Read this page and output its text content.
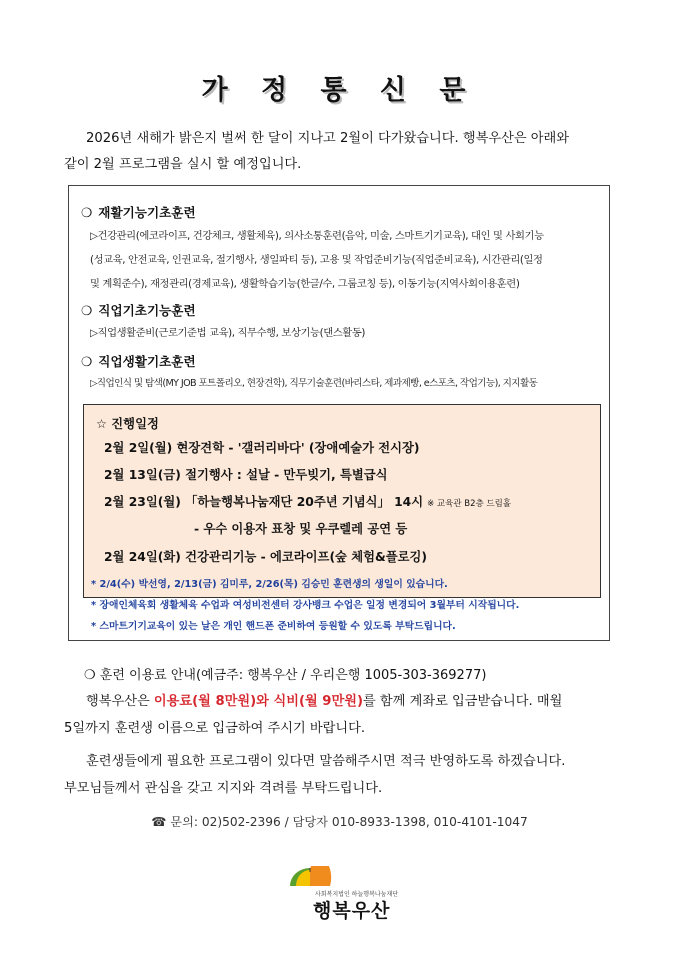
가 정 통 신 문
2026년 새해가 밝은지 벌써 한 달이 지나고 2월이 다가왔습니다. 행복우산은 아래와
같이 2월 프로그램을 실시 할 예정입니다.
❍ 재활기능기초훈련
▷건강관리(에코라이프, 건강체크, 생활체육), 의사소통훈련(음악, 미술, 스마트기기교육), 대인 및 사회기능
(성교육, 안전교육, 인권교육, 절기행사, 생일파티 등), 고용 및 작업준비기능(직업준비교육), 시간관리(일정
및 계획준수), 재정관리(경제교육), 생활학습기능(한글/수, 그룹코칭 등), 이동기능(지역사회이용훈련)
❍ 직업기초기능훈련
▷직업생활준비(근로기준법 교육), 직무수행, 보상기능(댄스활동)
❍ 직업생활기초훈련
▷직업인식 및 탐색(MY JOB 포트폴리오, 현장견학), 직무기술훈련(바리스타, 제과제빵, e스포츠, 작업기능), 지지활동
☆ 진행일정
2월 2일(월) 현장견학 - '갤러리바다' (장애예술가 전시장)
2월 13일(금) 절기행사 : 설날 - 만두빚기, 특별급식
2월 23일(월) 「하늘행복나눔재단 20주년 기념식」 14시 ※ 교육관 B2층 드림홀
- 우수 이용자 표창 및 우쿠렐레 공연 등
2월 24일(화) 건강관리기능 - 에코라이프(숲 체험&플로깅)
* 2/4(수) 박선영, 2/13(금) 김미루, 2/26(목) 김승민 훈련생의 생일이 있습니다.
* 장애인체육회 생활체육 수업과 여성비전센터 강사뱅크 수업은 일정 변경되어 3월부터 시작됩니다.
* 스마트기기교육이 있는 날은 개인 핸드폰 준비하여 등원할 수 있도록 부탁드립니다.
❍ 훈련 이용료 안내(예금주: 행복우산 / 우리은행 1005-303-369277)
행복우산은 이용료(월 8만원)와 식비(월 9만원)를 함께 계좌로 입금받습니다. 매월
5일까지 훈련생 이름으로 입금하여 주시기 바랍니다.
훈련생들에게 필요한 프로그램이 있다면 말씀해주시면 적극 반영하도록 하겠습니다.
부모님들께서 관심을 갖고 지지와 격려를 부탁드립니다.
☎ 문의: 02)502-2396 / 담당자 010-8933-1398, 010-4101-1047
사회복지법인 하늘행복나눔재단
행복우산
